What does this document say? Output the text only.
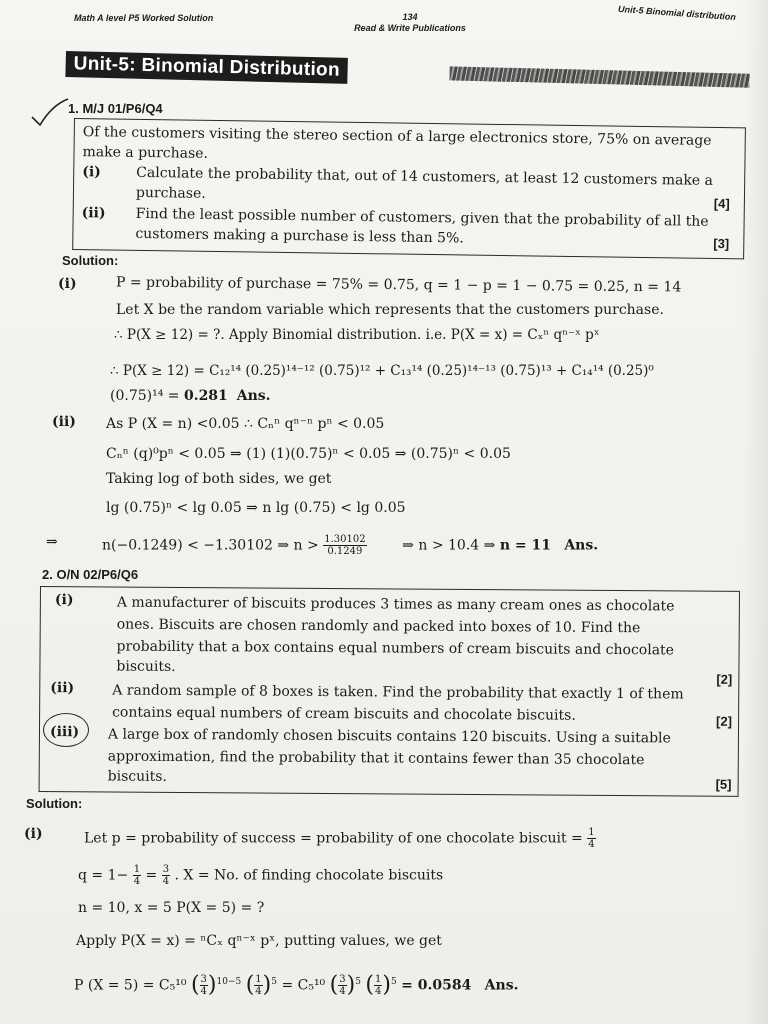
Math A level P5 Worked Solution	134
Read & Write Publications
Unit-5 Binomial distribution
Unit-5: Binomial Distribution
1. M/J 01/P6/Q4
Of the customers visiting the stereo section of a large electronics store, 75% on average
make a purchase.
(i)	Calculate the probability that, out of 14 customers, at least 12 customers make a
purchase.
[4]
(ii) Find the least possible number of customers, given that the probability of all the
customers making a purchase is less than 5%.	[3]
Solution:
(i)	P = probability of purchase = 75% = 0.75, q = 1 − p = 1 − 0.75 = 0.25, n = 14
Let X be the random variable which represents that the customers purchase.
∴ P(X ≥ 12) = ?. Apply Binomial distribution. i.e. P(X = x) = Cₓⁿ qⁿ⁻ˣ pˣ
∴ P(X ≥ 12) = C₁₂¹⁴ (0.25)¹⁴⁻¹² (0.75)¹² + C₁₃¹⁴ (0.25)¹⁴⁻¹³ (0.75)¹³ + C₁₄¹⁴ (0.25)⁰
(0.75)¹⁴ = 0.281 Ans.
(ii) As P (X = n) <0.05 ∴ Cₙⁿ qⁿ⁻ⁿ pⁿ < 0.05
Cₙⁿ (q)⁰pⁿ < 0.05 ⇒ (1) (1)(0.75)ⁿ < 0.05 ⇒ (0.75)ⁿ < 0.05
Taking log of both sides, we get
lg (0.75)ⁿ < lg 0.05 ⇒ n lg (0.75) < lg 0.05
⇒	n(−0.1249) < −1.30102 ⇒ $n > \frac{1.30102}{0.1249}$	⇒ n > 10.4 ⇒ n = 11 Ans.
2. O/N 02/P6/Q6
(i)	A manufacturer of biscuits produces 3 times as many cream ones as chocolate
ones. Biscuits are chosen randomly and packed into boxes of 10. Find the
probability that a box contains equal numbers of cream biscuits and chocolate
biscuits.
[2]
(ii)	A random sample of 8 boxes is taken. Find the probability that exactly 1 of them
contains equal numbers of cream biscuits and chocolate biscuits.	[2]
(iii) A large box of randomly chosen biscuits contains 120 biscuits. Using a suitable
approximation, find the probability that it contains fewer than 35 chocolate
biscuits.	[5]
Solution:
(i)	Let p = probability of success = probability of one chocolate biscuit = $\frac{1}{4}$
$q = 1- \frac{1}{4} = \frac{3}{4}$ . X = No. of finding chocolate biscuits
n = 10, x = 5 P(X = 5) = ?
Apply P(X = x) = ⁿCₓ qⁿ⁻ˣ pˣ, putting values, we get
P (X = 5) = C₅¹⁰ ( $\frac{3}{4} )^{10-5}$ ( $\frac{1}{4} )^5 = C_5^{10}$ ( $\frac{3}{4} )^5$ ( $\frac{1}{4} )^5 = 0.0584$ Ans.
